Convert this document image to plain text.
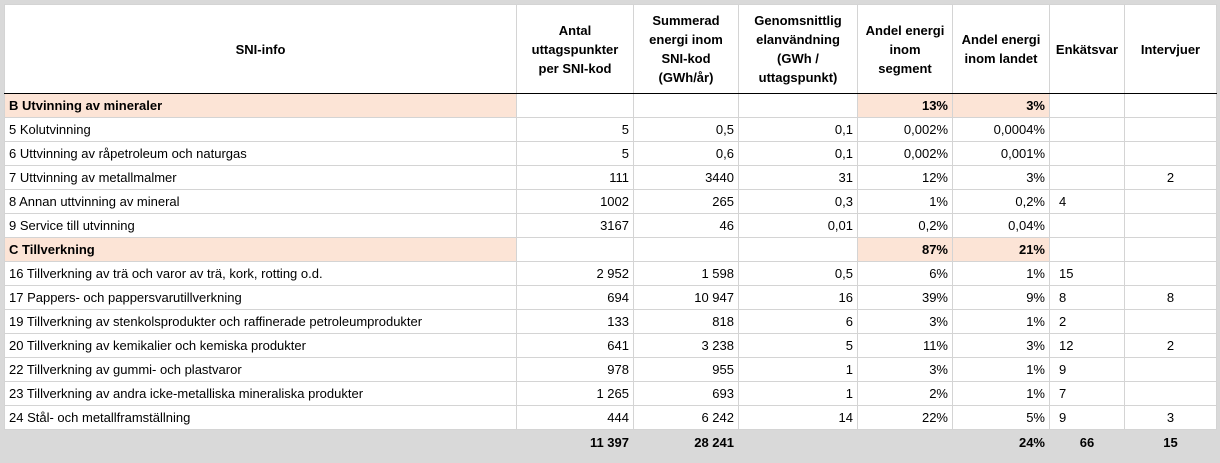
SNI-info	Antal
uttagspunkter
per SNI-kod	Summerad
energi inom
SNI-kod
(GWh/år)	Genomsnittlig
elanvändning
(GWh /
uttagspunkt)	Andel energi
inom
segment	Andel energi
inom landet	Enkätsvar	Intervjuer

B Utvinning av mineraler				13%	3%		
5 Kolutvinning	5	0,5	0,1	0,002%	0,0004%		
6 Uttvinning av råpetroleum och naturgas	5	0,6	0,1	0,002%	0,001%		
7 Uttvinning av metallmalmer	111	3440	31	12%	3%		2
8 Annan uttvinning av mineral	1002	265	0,3	1%	0,2%	4	
9 Service till utvinning	3167	46	0,01	0,2%	0,04%		
C Tillverkning				87%	21%		
16 Tillverkning av trä och varor av trä, kork, rotting o.d.	2 952	1 598	0,5	6%	1%	15	
17 Pappers- och pappersvarutillverkning	694	10 947	16	39%	9%	8	8
19 Tillverkning av stenkolsprodukter och raffinerade petroleumprodukter	133	818	6	3%	1%	2	
20 Tillverkning av kemikalier och kemiska produkter	641	3 238	5	11%	3%	12	2
22 Tillverkning av gummi- och plastvaror	978	955	1	3%	1%	9	
23 Tillverkning av andra icke-metalliska mineraliska produkter	1 265	693	1	2%	1%	7	
24 Stål- och metallframställning	444	6 242	14	22%	5%	9	3
	11 397	28 241			24%	66	15
